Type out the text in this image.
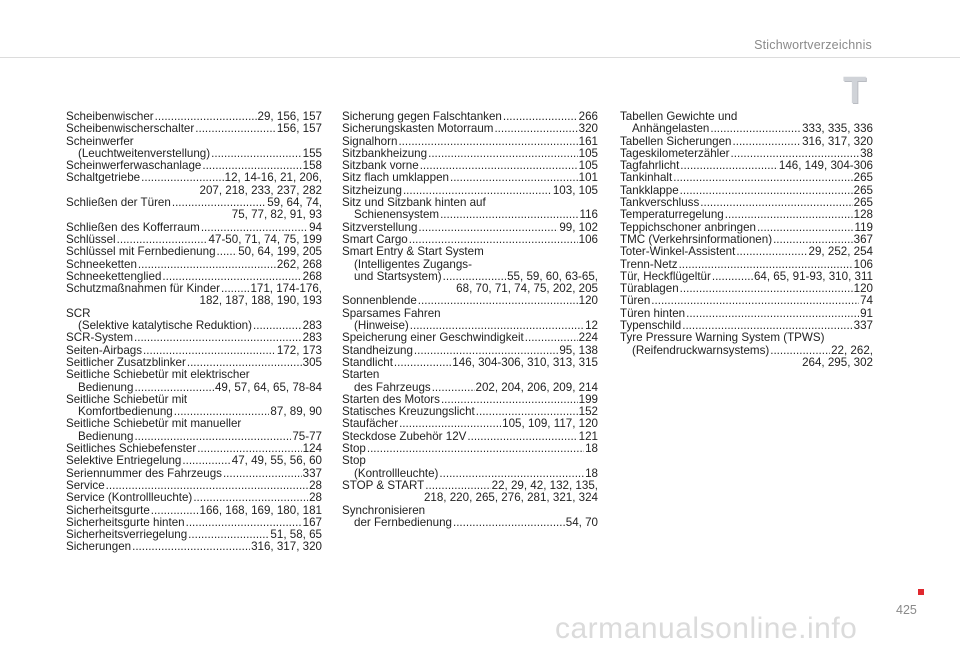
Stichwortverzeichnis
T
Scheibenwischer .....	29, 156, 157
Scheibenwischerschalter .....	156, 157
Scheinwerfer
(Leuchtweitenverstellung) .....	155
Scheinwerferwaschanlage .....	158
Schaltgetriebe .....	12, 14-16, 21, 206,
207, 218, 233, 237, 282
Schließen der Türen .....	59, 64, 74,
75, 77, 82, 91, 93
Schließen des Kofferraum .....	94
Schlüssel .....	47-50, 71, 74, 75, 199
Schlüssel mit Fernbedienung ..... 50, 64, 199, 205
Schneeketten .....	262, 268
Schneekettenglied .....	268
Schutzmaßnahmen für Kinder .....	171, 174-176,
182, 187, 188, 190, 193
SCR
(Selektive katalytische Reduktion) .....	283
SCR-System .....	283
Seiten-Airbags .....	172, 173
Seitlicher Zusatzblinker .....	305
Seitliche Schiebetür mit elektrischer
Bedienung .....	49, 57, 64, 65, 78-84
Seitliche Schiebetür mit
Komfortbedienung .....	87, 89, 90
Seitliche Schiebetür mit manueller
Bedienung .....	75-77
Seitliches Schiebefenster .....	124
Selektive Entriegelung .....	47, 49, 55, 56, 60
Seriennummer des Fahrzeugs .....	337
Service .....	28
Service (Kontrollleuchte) .....	28
Sicherheitsgurte .....	166, 168, 169, 180, 181
Sicherheitsgurte hinten .....	167
Sicherheitsverriegelung .....	51, 58, 65
Sicherungen .....	316, 317, 320
Sicherung gegen Falschtanken .....	266
Sicherungskasten Motorraum .....	320
Signalhorn .....	161
Sitzbankheizung .....	105
Sitzbank vorne .....	105
Sitz flach umklappen .....	101
Sitzheizung .....	103, 105
Sitz und Sitzbank hinten auf
Schienensystem .....	116
Sitzverstellung .....	99, 102
Smart Cargo .....	106
Smart Entry & Start System
(Intelligentes Zugangs-
und Startsystem) .....	55, 59, 60, 63-65,
68, 70, 71, 74, 75, 202, 205
Sonnenblende .....	120
Sparsames Fahren
(Hinweise) .....	12
Speicherung einer Geschwindigkeit .....	224
Standheizung .....	95, 138
Standlicht .....	146, 304-306, 310, 313, 315
Starten
des Fahrzeugs .....	202, 204, 206, 209, 214
Starten des Motors .....	199
Statisches Kreuzungslicht .....	152
Staufächer .....	105, 109, 117, 120
Steckdose Zubehör 12V .....	121
Stop .....	18
Stop
(Kontrollleuchte) .....	18
STOP & START .....	22, 29, 42, 132, 135,
218, 220, 265, 276, 281, 321, 324
Synchronisieren
der Fernbedienung .....	54, 70
Tabellen Gewichte und
Anhängelasten .....	333, 335, 336
Tabellen Sicherungen .....	316, 317, 320
Tageskilometerzähler .....	38
Tagfahrlicht .....	146, 149, 304-306
Tankinhalt .....	265
Tankklappe .....	265
Tankverschluss .....	265
Temperaturregelung .....	128
Teppichschoner anbringen .....	119
TMC (Verkehrsinformationen) .....	367
Toter-Winkel-Assistent .....	29, 252, 254
Trenn-Netz .....	106
Tür, Heckflügeltür .....	64, 65, 91-93, 310, 311
Türablagen .....	120
Türen .....	74
Türen hinten .....	91
Typenschild .....	337
Tyre Pressure Warning System (TPWS)
(Reifendruckwarnsystems) .....	22, 262,
264, 295, 302
425
carmanualsonline.info
